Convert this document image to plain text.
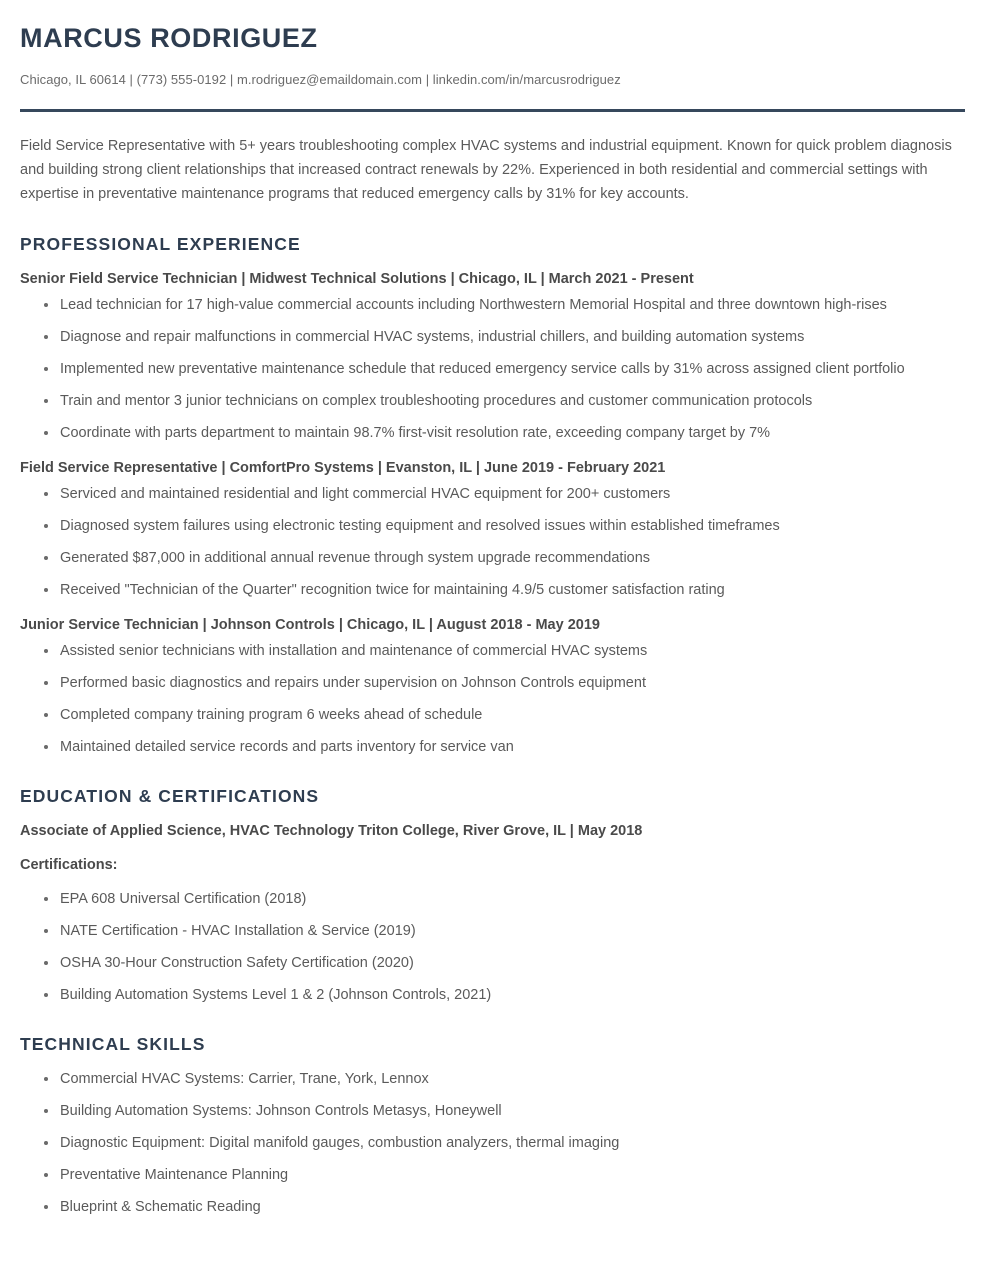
MARCUS RODRIGUEZ
Chicago, IL 60614 | (773) 555-0192 | m.rodriguez@emaildomain.com | linkedin.com/in/marcusrodriguez

Field Service Representative with 5+ years troubleshooting complex HVAC systems and industrial equipment. Known for quick problem diagnosis and building strong client relationships that increased contract renewals by 22%. Experienced in both residential and commercial settings with expertise in preventative maintenance programs that reduced emergency calls by 31% for key accounts.

PROFESSIONAL EXPERIENCE
Senior Field Service Technician | Midwest Technical Solutions | Chicago, IL | March 2021 - Present
Lead technician for 17 high-value commercial accounts including Northwestern Memorial Hospital and three downtown high-rises
Diagnose and repair malfunctions in commercial HVAC systems, industrial chillers, and building automation systems
Implemented new preventative maintenance schedule that reduced emergency service calls by 31% across assigned client portfolio
Train and mentor 3 junior technicians on complex troubleshooting procedures and customer communication protocols
Coordinate with parts department to maintain 98.7% first-visit resolution rate, exceeding company target by 7%
Field Service Representative | ComfortPro Systems | Evanston, IL | June 2019 - February 2021
Serviced and maintained residential and light commercial HVAC equipment for 200+ customers
Diagnosed system failures using electronic testing equipment and resolved issues within established timeframes
Generated $87,000 in additional annual revenue through system upgrade recommendations
Received "Technician of the Quarter" recognition twice for maintaining 4.9/5 customer satisfaction rating
Junior Service Technician | Johnson Controls | Chicago, IL | August 2018 - May 2019
Assisted senior technicians with installation and maintenance of commercial HVAC systems
Performed basic diagnostics and repairs under supervision on Johnson Controls equipment
Completed company training program 6 weeks ahead of schedule
Maintained detailed service records and parts inventory for service van
EDUCATION & CERTIFICATIONS
Associate of Applied Science, HVAC Technology Triton College, River Grove, IL | May 2018
Certifications:
EPA 608 Universal Certification (2018)
NATE Certification - HVAC Installation & Service (2019)
OSHA 30-Hour Construction Safety Certification (2020)
Building Automation Systems Level 1 & 2 (Johnson Controls, 2021)
TECHNICAL SKILLS
Commercial HVAC Systems: Carrier, Trane, York, Lennox
Building Automation Systems: Johnson Controls Metasys, Honeywell
Diagnostic Equipment: Digital manifold gauges, combustion analyzers, thermal imaging
Preventative Maintenance Planning
Blueprint & Schematic Reading
